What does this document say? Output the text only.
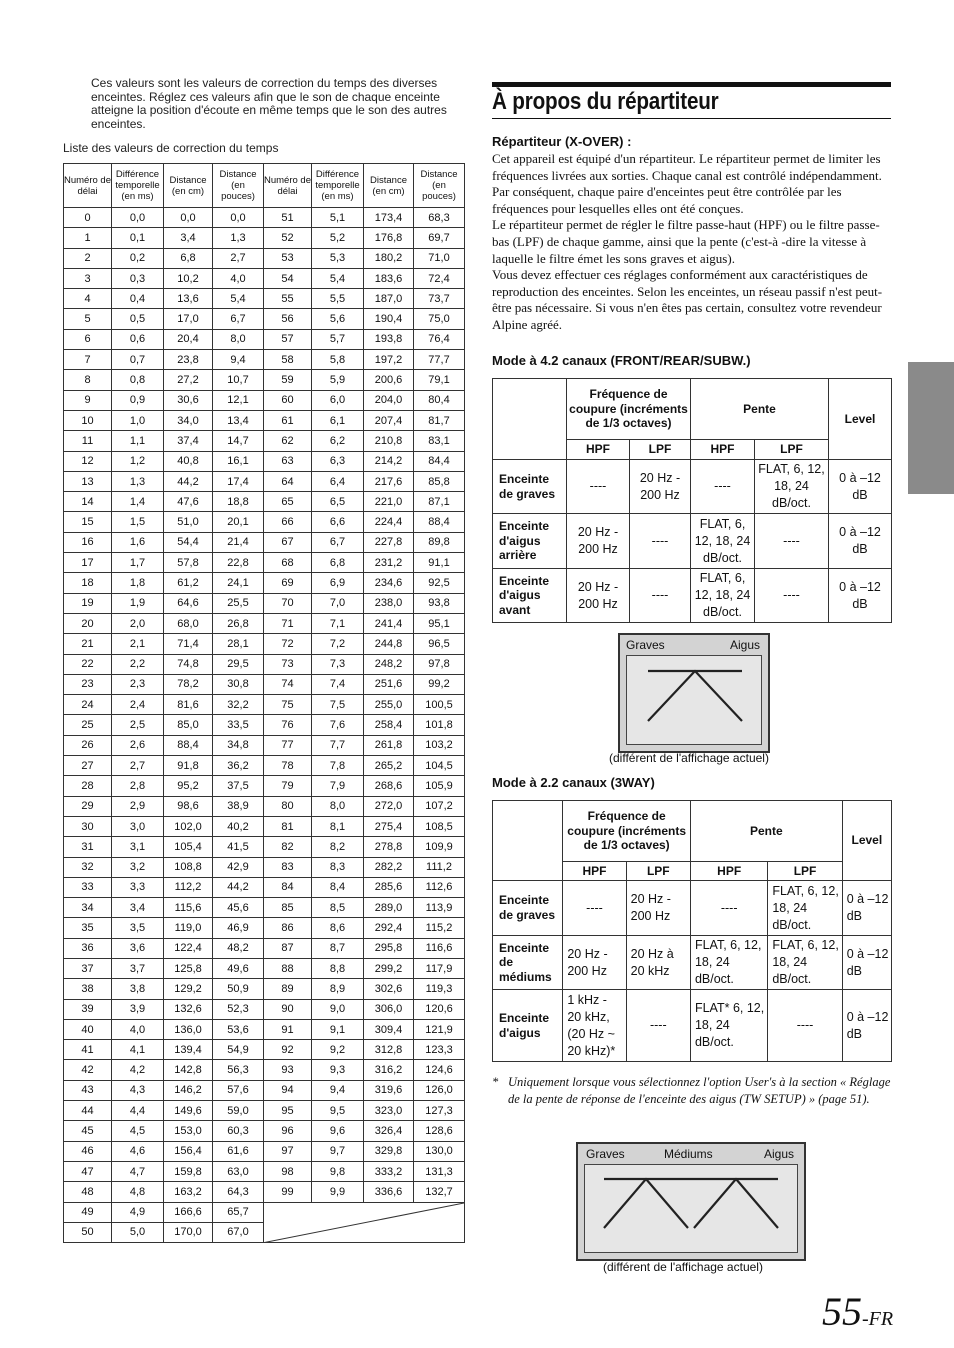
Ces valeurs sont les valeurs de correction du temps des diverses enceintes. Réglez ces valeurs afin que le son de chaque enceinte atteigne la position d'écoute en même temps que le son des autres enceintes.
Liste des valeurs de correction du temps
Numéro de délai	Différence temporelle (en ms)	Distance (en cm)	Distance (en pouces)	Numéro de délai	Différence temporelle (en ms)	Distance (en cm)	Distance (en pouces)
0	0,0	0,0	0,0	51	5,1	173,4	68,3
1	0,1	3,4	1,3	52	5,2	176,8	69,7
2	0,2	6,8	2,7	53	5,3	180,2	71,0
3	0,3	10,2	4,0	54	5,4	183,6	72,4
4	0,4	13,6	5,4	55	5,5	187,0	73,7
5	0,5	17,0	6,7	56	5,6	190,4	75,0
6	0,6	20,4	8,0	57	5,7	193,8	76,4
7	0,7	23,8	9,4	58	5,8	197,2	77,7
8	0,8	27,2	10,7	59	5,9	200,6	79,1
9	0,9	30,6	12,1	60	6,0	204,0	80,4
10	1,0	34,0	13,4	61	6,1	207,4	81,7
11	1,1	37,4	14,7	62	6,2	210,8	83,1
12	1,2	40,8	16,1	63	6,3	214,2	84,4
13	1,3	44,2	17,4	64	6,4	217,6	85,8
14	1,4	47,6	18,8	65	6,5	221,0	87,1
15	1,5	51,0	20,1	66	6,6	224,4	88,4
16	1,6	54,4	21,4	67	6,7	227,8	89,8
17	1,7	57,8	22,8	68	6,8	231,2	91,1
18	1,8	61,2	24,1	69	6,9	234,6	92,5
19	1,9	64,6	25,5	70	7,0	238,0	93,8
20	2,0	68,0	26,8	71	7,1	241,4	95,1
21	2,1	71,4	28,1	72	7,2	244,8	96,5
22	2,2	74,8	29,5	73	7,3	248,2	97,8
23	2,3	78,2	30,8	74	7,4	251,6	99,2
24	2,4	81,6	32,2	75	7,5	255,0	100,5
25	2,5	85,0	33,5	76	7,6	258,4	101,8
26	2,6	88,4	34,8	77	7,7	261,8	103,2
27	2,7	91,8	36,2	78	7,8	265,2	104,5
28	2,8	95,2	37,5	79	7,9	268,6	105,9
29	2,9	98,6	38,9	80	8,0	272,0	107,2
30	3,0	102,0	40,2	81	8,1	275,4	108,5
31	3,1	105,4	41,5	82	8,2	278,8	109,9
32	3,2	108,8	42,9	83	8,3	282,2	111,2
33	3,3	112,2	44,2	84	8,4	285,6	112,6
34	3,4	115,6	45,6	85	8,5	289,0	113,9
35	3,5	119,0	46,9	86	8,6	292,4	115,2
36	3,6	122,4	48,2	87	8,7	295,8	116,6
37	3,7	125,8	49,6	88	8,8	299,2	117,9
38	3,8	129,2	50,9	89	8,9	302,6	119,3
39	3,9	132,6	52,3	90	9,0	306,0	120,6
40	4,0	136,0	53,6	91	9,1	309,4	121,9
41	4,1	139,4	54,9	92	9,2	312,8	123,3
42	4,2	142,8	56,3	93	9,3	316,2	124,6
43	4,3	146,2	57,6	94	9,4	319,6	126,0
44	4,4	149,6	59,0	95	9,5	323,0	127,3
45	4,5	153,0	60,3	96	9,6	326,4	128,6
46	4,6	156,4	61,6	97	9,7	329,8	130,0
47	4,7	159,8	63,0	98	9,8	333,2	131,3
48	4,8	163,2	64,3	99	9,9	336,6	132,7
49	4,9	166,6	65,7	

50	5,0	170,0	67,0				
À propos du répartiteur
Répartiteur (X-OVER) :

Cet appareil est équipé d'un répartiteur. Le répartiteur permet de limiter les fréquences livrées aux sorties. Chaque canal est contrôlé indépendamment. Par conséquent, chaque paire d'enceintes peut être contrôlée par les fréquences pour lesquelles elles ont été conçues.

Le répartiteur permet de régler le filtre passe-haut (HPF) ou le filtre passe-bas (LPF) de chaque gamme, ainsi que la pente (c'est-à -dire la vitesse à laquelle le filtre émet les sons graves et aigus).

Vous devez effectuer ces réglages conformément aux caractéristiques de reproduction des enceintes. Selon les enceintes, un réseau passif n'est peut-être pas nécessaire. Si vous n'en êtes pas certain, consultez votre revendeur Alpine agréé.

Mode à 4.2 canaux (FRONT/REAR/SUBW.)
	Fréquence de coupure (incréments de 1/3 octaves)		Pente		Level
	HPF	LPF	HPF	LPF	
Enceinte de graves	----	20 Hz - 200 Hz	----	FLAT, 6, 12, 18, 24 dB/oct.	0 à –12 dB
Enceinte d'aigus arrière	20 Hz - 200 Hz	----	FLAT, 6, 12, 18, 24 dB/oct.	----	0 à –12 dB
Enceinte d'aigus avant	20 Hz - 200 Hz	----	FLAT, 6, 12, 18, 24 dB/oct.	----	0 à –12 dB
Graves	Aigus
(différent de l'affichage actuel)
Mode à 2.2 canaux (3WAY)
	Fréquence de coupure (incréments de 1/3 octaves)		Pente		Level
	HPF	LPF	HPF	LPF	
Enceinte de graves	----	20 Hz - 200 Hz	----	FLAT, 6, 12, 18, 24 dB/oct.	0 à –12 dB
Enceinte de médiums	20 Hz - 200 Hz	20 Hz à 20 kHz	FLAT, 6, 12, 18, 24 dB/oct.	FLAT, 6, 12, 18, 24 dB/oct.	0 à –12 dB
Enceinte d'aigus	1 kHz - 20 kHz, (20 Hz ~ 20 kHz)*	----	FLAT* 6, 12, 18, 24 dB/oct.	----	0 à –12 dB
* Uniquement lorsque vous sélectionnez l'option User's à la section « Réglage de la pente de réponse de l'enceinte des aigus (TW SETUP) » (page 51).
Graves	Médiums	Aigus
(différent de l'affichage actuel)
55-FR
